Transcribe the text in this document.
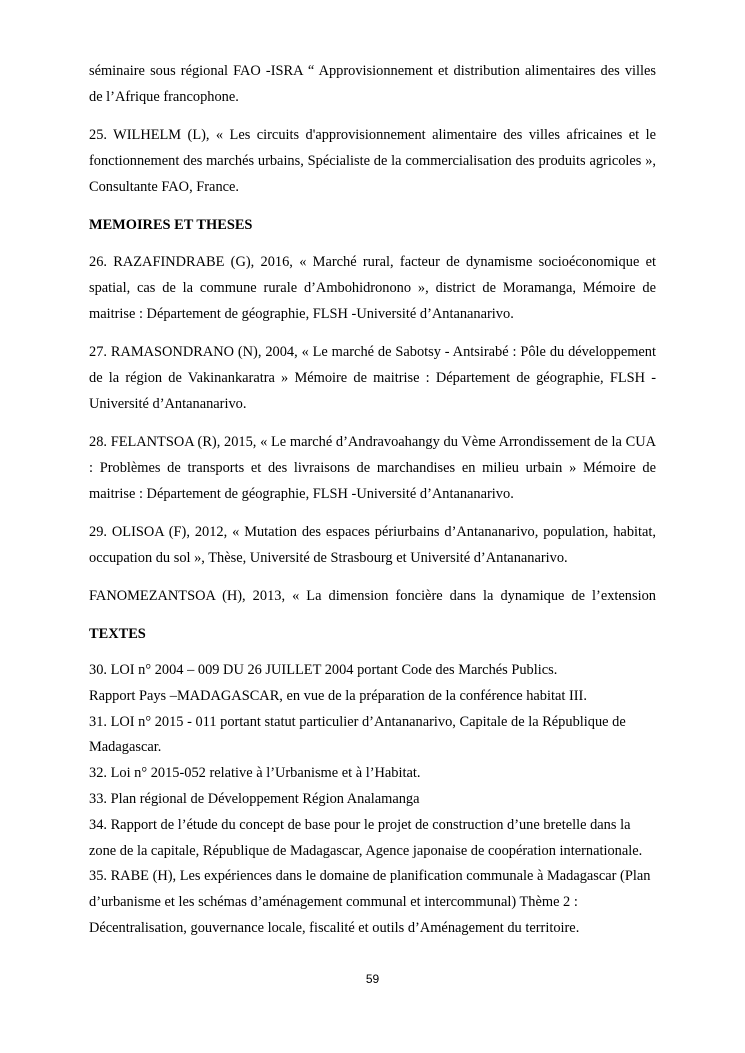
séminaire sous régional FAO -ISRA “ Approvisionnement et distribution alimentaires des villes de l’Afrique francophone.

25. WILHELM (L), « Les circuits d'approvisionnement alimentaire des villes africaines et le fonctionnement des marchés urbains, Spécialiste de la commercialisation des produits agricoles », Consultante FAO, France.

MEMOIRES ET THESES

26. RAZAFINDRABE (G), 2016, « Marché rural, facteur de dynamisme socioéconomique et spatial, cas de la commune rurale d’Ambohidronono », district de Moramanga, Mémoire de maitrise : Département de géographie, FLSH -Université d’Antananarivo.

27. RAMASONDRANO (N), 2004, « Le marché de Sabotsy - Antsirabé : Pôle du développement de la région de Vakinankaratra » Mémoire de maitrise : Département de géographie, FLSH -Université d’Antananarivo.

28. FELANTSOA (R), 2015, « Le marché d’Andravoahangy du Vème Arrondissement de la CUA : Problèmes de transports et des livraisons de marchandises en milieu urbain » Mémoire de maitrise : Département de géographie, FLSH -Université d’Antananarivo.

29. OLISOA (F), 2012, « Mutation des espaces périurbains d’Antananarivo, population, habitat, occupation du sol », Thèse, Université de Strasbourg et Université d’Antananarivo.

FANOMEZANTSOA (H), 2013, « La dimension foncière dans la dynamique de l’extension

TEXTES
30. LOI n° 2004 – 009 DU 26 JUILLET 2004 portant Code des Marchés Publics.
Rapport Pays –MADAGASCAR, en vue de la préparation de la conférence habitat III.
31. LOI n° 2015 - 011 portant statut particulier d’Antananarivo, Capitale de la République de Madagascar.
32. Loi n° 2015-052 relative à l’Urbanisme et à l’Habitat.
33. Plan régional de Développement Région Analamanga
34. Rapport de l’étude du concept de base pour le projet de construction d’une bretelle dans la zone de la capitale, République de Madagascar, Agence japonaise de coopération internationale.
35. RABE (H), Les expériences dans le domaine de planification communale à Madagascar (Plan d’urbanisme et les schémas d’aménagement communal et intercommunal) Thème 2 : Décentralisation, gouvernance locale, fiscalité et outils d’Aménagement du territoire.
59
